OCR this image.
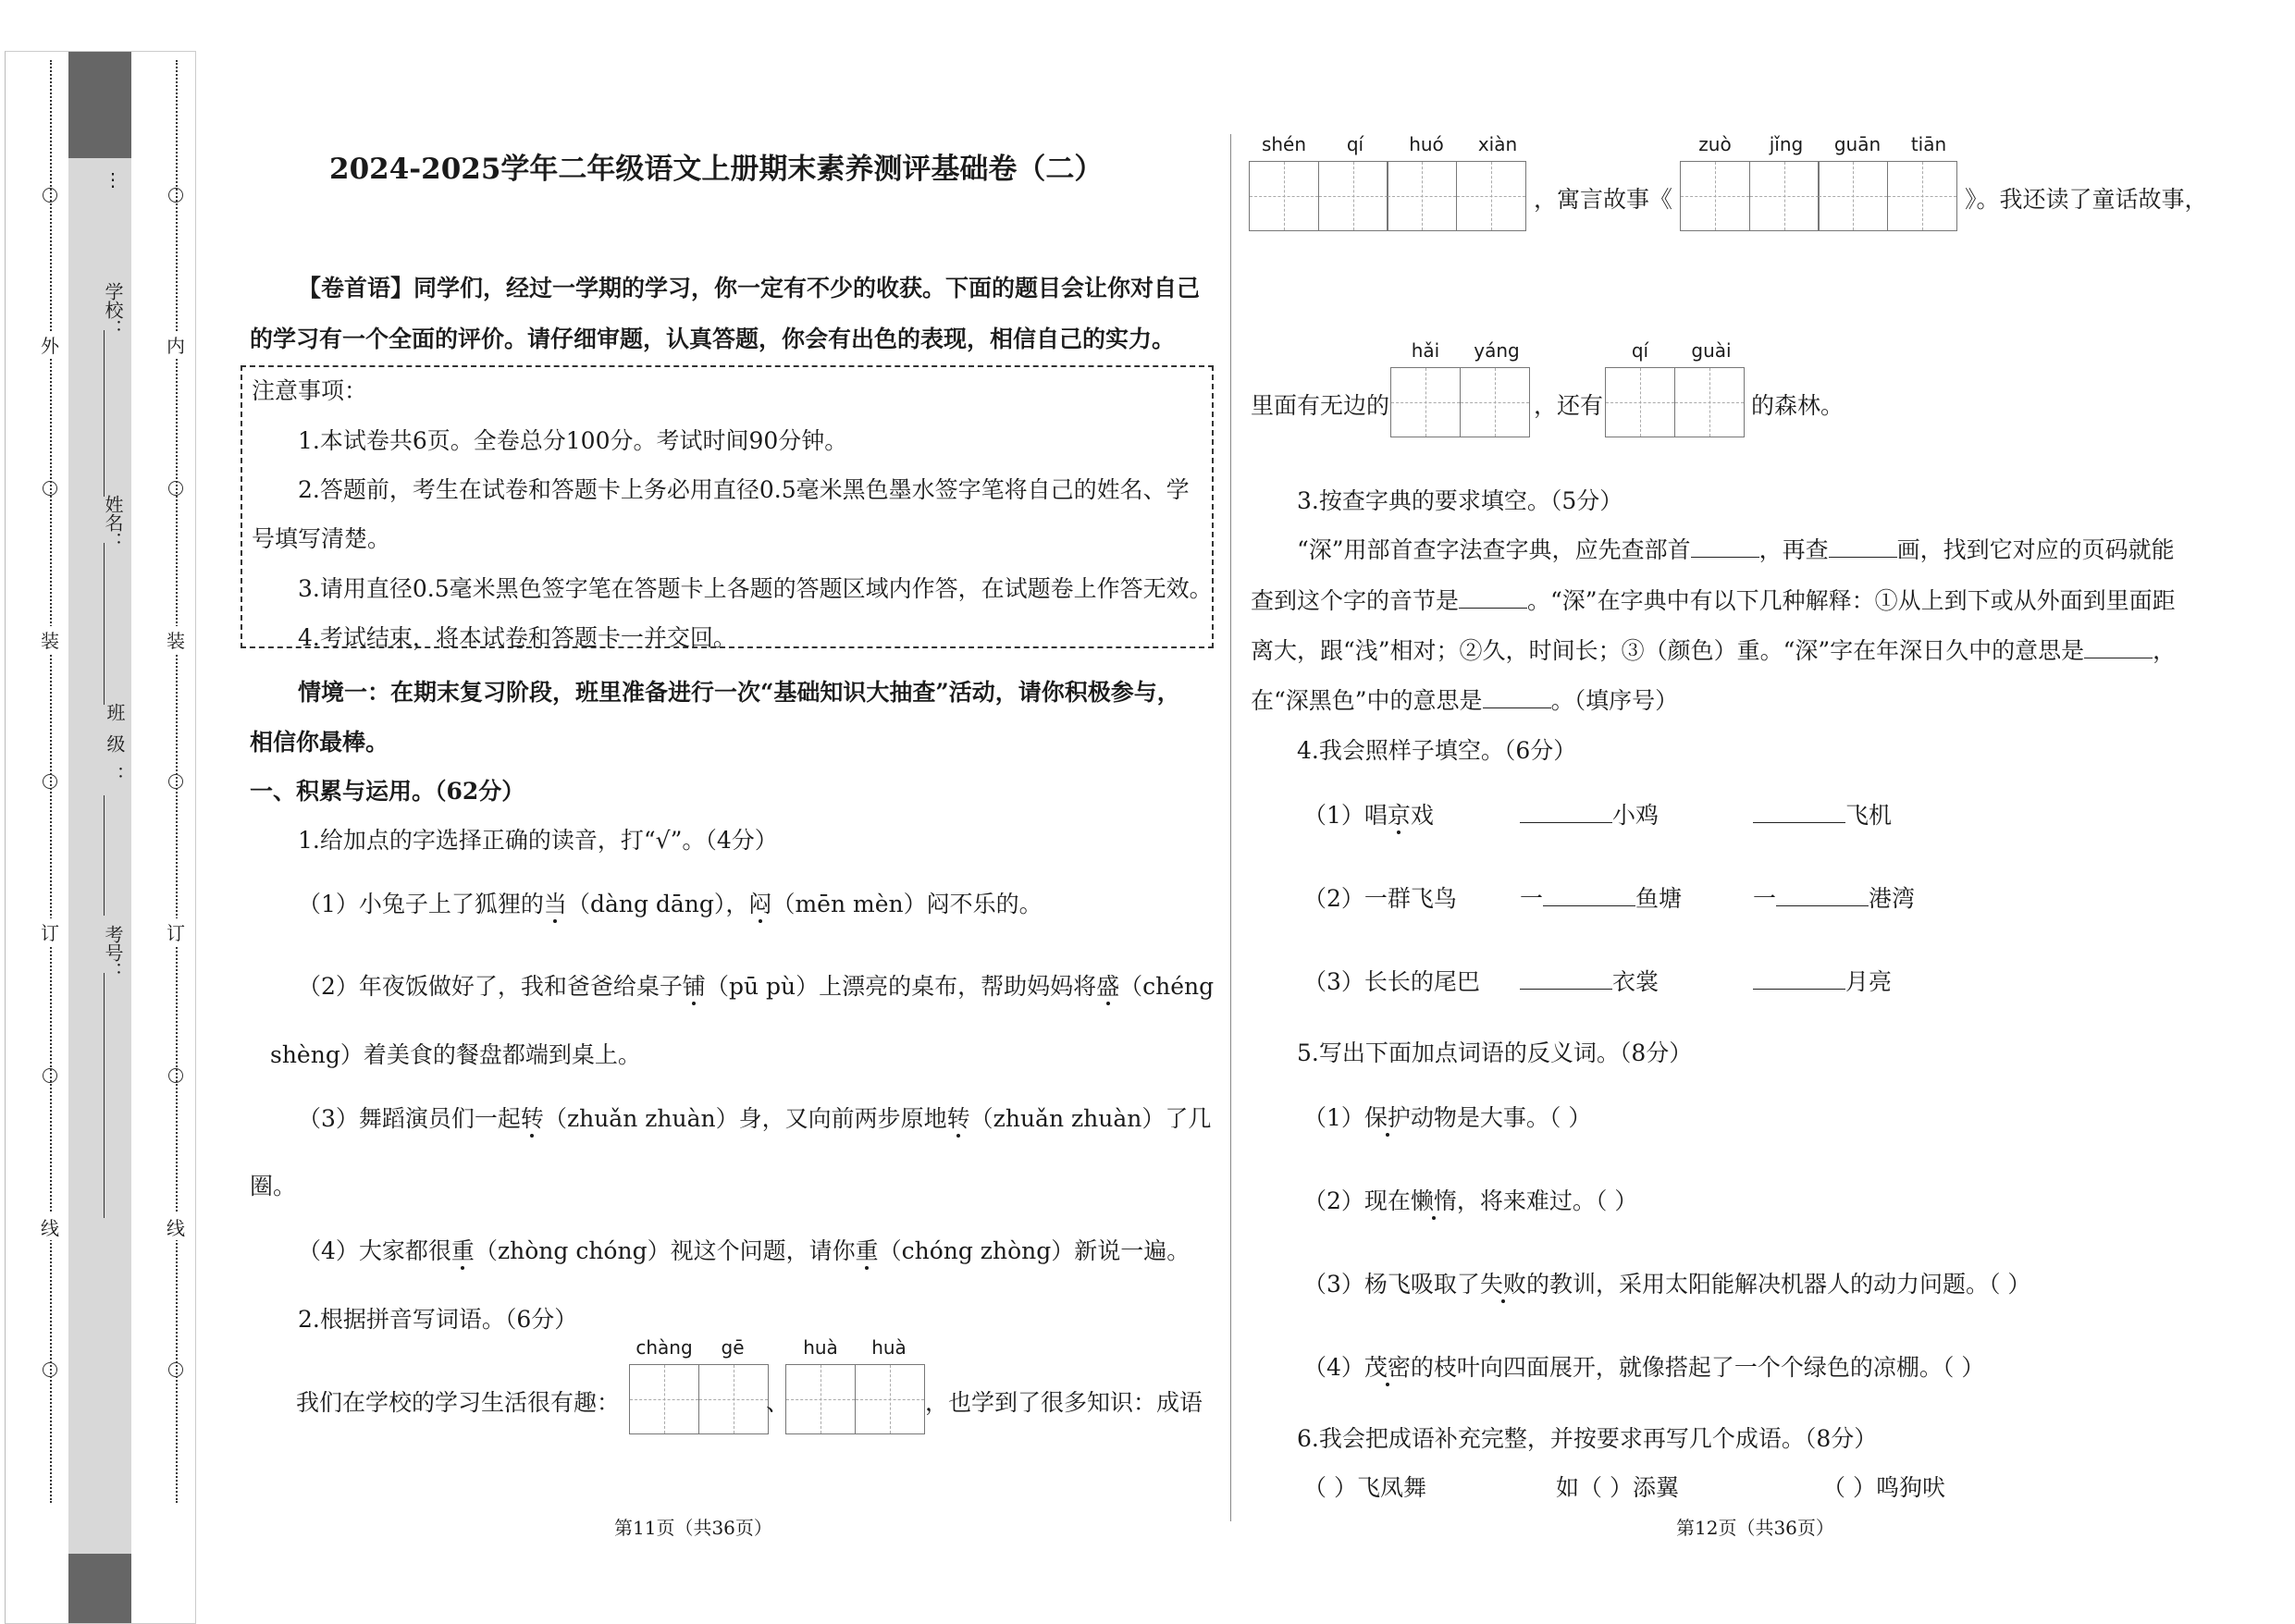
外
装
订
线
内
装
订
线
⋮
学校：
姓名：
班级：
考号：
2024-2025学年二年级语文上册期末素养测评基础卷（二）
【卷首语】同学们，经过一学期的学习，你一定有不少的收获。下面的题目会让你对自己
的学习有一个全面的评价。请仔细审题，认真答题，你会有出色的表现，相信自己的实力。
注意事项：
1.本试卷共6页。全卷总分100分。考试时间90分钟。
2.答题前，考生在试卷和答题卡上务必用直径0.5毫米黑色墨水签字笔将自己的姓名、学
号填写清楚。
3.请用直径0.5毫米黑色签字笔在答题卡上各题的答题区域内作答，在试题卷上作答无效。
4.考试结束，将本试卷和答题卡一并交回。
情境一：在期末复习阶段，班里准备进行一次“基础知识大抽查”活动，请你积极参与，
相信你最棒。
一、积累与运用。（62分）
1.给加点的字选择正确的读音，打“√”。（4分）
（1）小兔子上了狐狸的当（dàng dāng），闷（mēn mèn）闷不乐的。
（2）年夜饭做好了，我和爸爸给桌子铺（pū pù）上漂亮的桌布，帮助妈妈将盛（chéng
shèng）着美食的餐盘都端到桌上。
（3）舞蹈演员们一起转（zhuǎn zhuàn）身，又向前两步原地转（zhuǎn zhuàn）了几
圈。
（4）大家都很重（zhòng chóng）视这个问题，请你重（chóng zhòng）新说一遍。
2.根据拼音写词语。（6分）
我们在学校的学习生活很有趣：
chàng	gē
、
huà	huà
，也学到了很多知识：成语
第11页（共36页）
shén	qí	huó	xiàn
，寓言故事《
zuò	jǐng	guān	tiān
》。我还读了童话故事，
里面有无边的
hǎi	yáng
，还有
qí	guài
的森林。
3.按查字典的要求填空。（5分）
“深”用部首查字法查字典，应先查部首	，再查	画，找到它对应的页码就能
查到这个字的音节是	。“深”在字典中有以下几种解释：①从上到下或从外面到里面距
离大，跟“浅”相对；②久，时间长；③（颜色）重。“深”字在年深日久中的意思是	，
在“深黑色”中的意思是	。（填序号）
4.我会照样子填空。（6分）
（1）唱京戏	小鸡	飞机
（2）一群飞鸟	一	鱼塘	一	港湾
（3）长长的尾巴	衣裳	月亮
5.写出下面加点词语的反义词。（8分）
（1）保护动物是大事。（ ）
（2）现在懒惰，将来难过。（ ）
（3）杨飞吸取了失败的教训，采用太阳能解决机器人的动力问题。（ ）
（4）茂密的枝叶向四面展开，就像搭起了一个个绿色的凉棚。（ ）
6.我会把成语补充完整，并按要求再写几个成语。（8分）
（ ）飞凤舞	如（ ）添翼	（ ）鸣狗吠
第12页（共36页）
